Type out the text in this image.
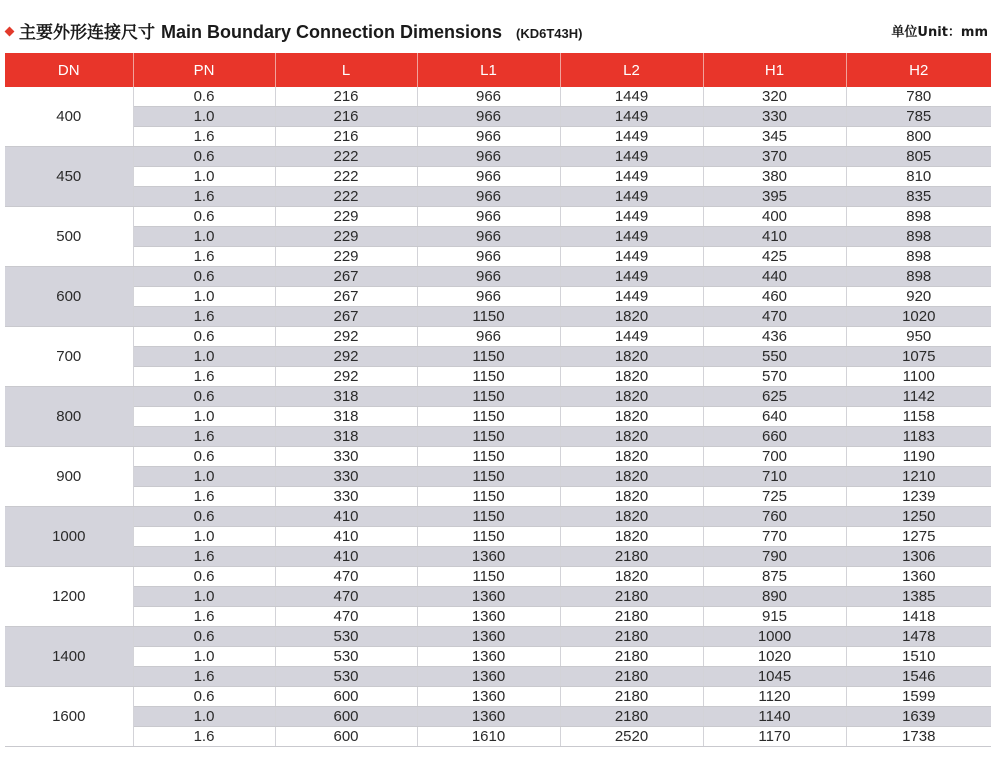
主要外形连接尺寸 Main Boundary Connection Dimensions (KD6T43H)	单位Unit：mm
DN	PN	L	L1	L2	H1	H2
400	0.6	216	966	1449	320	780
	1.0	216	966	1449	330	785
	1.6	216	966	1449	345	800
450	0.6	222	966	1449	370	805
	1.0	222	966	1449	380	810
	1.6	222	966	1449	395	835
500	0.6	229	966	1449	400	898
	1.0	229	966	1449	410	898
	1.6	229	966	1449	425	898
600	0.6	267	966	1449	440	898
	1.0	267	966	1449	460	920
	1.6	267	1150	1820	470	1020
700	0.6	292	966	1449	436	950
	1.0	292	1150	1820	550	1075
	1.6	292	1150	1820	570	1100
800	0.6	318	1150	1820	625	1142
	1.0	318	1150	1820	640	1158
	1.6	318	1150	1820	660	1183
900	0.6	330	1150	1820	700	1190
	1.0	330	1150	1820	710	1210
	1.6	330	1150	1820	725	1239
1000	0.6	410	1150	1820	760	1250
	1.0	410	1150	1820	770	1275
	1.6	410	1360	2180	790	1306
1200	0.6	470	1150	1820	875	1360
	1.0	470	1360	2180	890	1385
	1.6	470	1360	2180	915	1418
1400	0.6	530	1360	2180	1000	1478
	1.0	530	1360	2180	1020	1510
	1.6	530	1360	2180	1045	1546
1600	0.6	600	1360	2180	1120	1599
	1.0	600	1360	2180	1140	1639
	1.6	600	1610	2520	1170	1738
